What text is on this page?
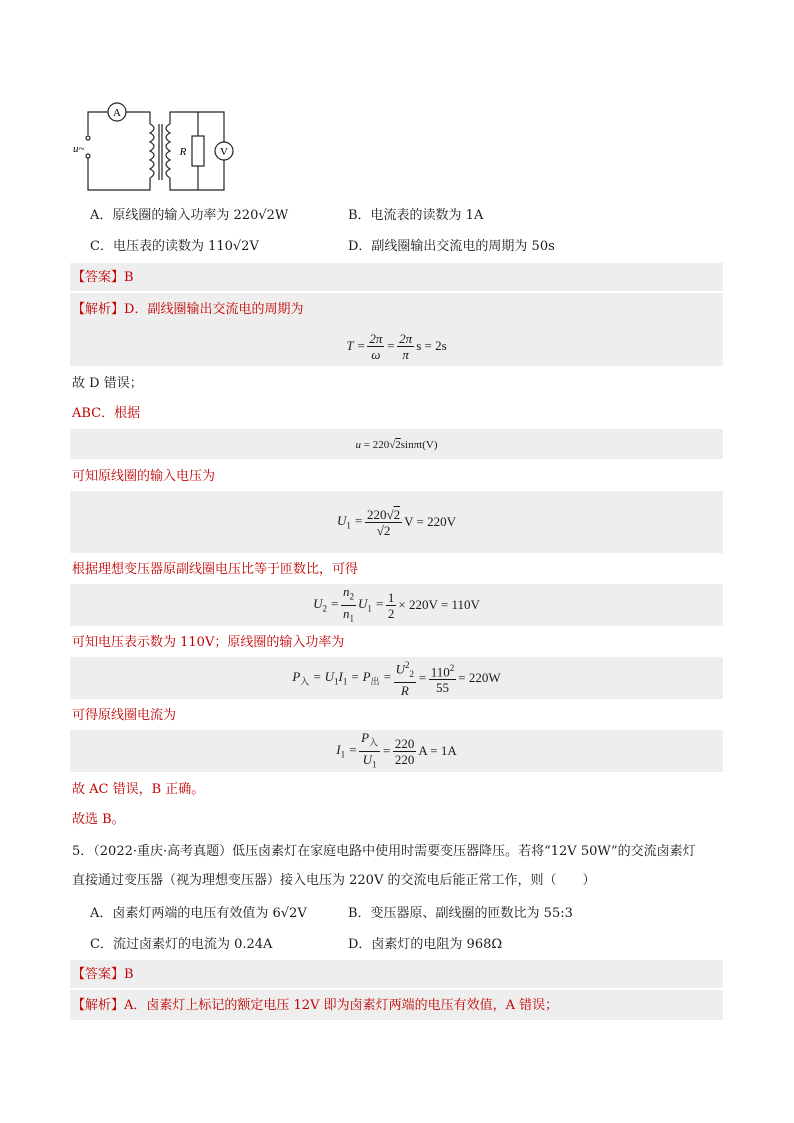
A
V
R
u~
A．原线圈的输入功率为 220√2W	B．电流表的读数为 1A
C．电压表的读数为 110√2V	D．副线圈输出交流电的周期为 50s
【答案】B
【解析】D．副线圈输出交流电的周期为
$T = \frac{2\pi}{\omega} = \frac{2\pi}{\pi}$ s = 2s
故 D 错误；
ABC．根据
u = 220√2sinπt(V)
可知原线圈的输入电压为
$U_1 = \frac{220√2}{√2}$ V = 220V
根据理想变压器原副线圈电压比等于匝数比，可得
$U_2 = \frac{n_2}{n_1} U_1 = \frac{1}{2} \times 220V = 110V$
可知电压表示数为 110V；原线圈的输入功率为
$P_入 = U_1I_1 = P_出 = \frac{U^2_2}{R} = \frac{110^2}{55} = 220W$
可得原线圈电流为
$I_1 = \frac{P_入}{U_1} = \frac{220}{220}$ A = 1A
故 AC 错误，B 正确。
故选 B。
5．（2022·重庆·高考真题）低压卤素灯在家庭电路中使用时需要变压器降压。若将“12V 50W”的交流卤素灯
直接通过变压器（视为理想变压器）接入电压为 220V 的交流电后能正常工作，则（　　）
A．卤素灯两端的电压有效值为 6√2V	B．变压器原、副线圈的匝数比为 55:3
C．流过卤素灯的电流为 0.24A	D．卤素灯的电阻为 968Ω
【答案】B
【解析】A．卤素灯上标记的额定电压 12V 即为卤素灯两端的电压有效值，A 错误；
